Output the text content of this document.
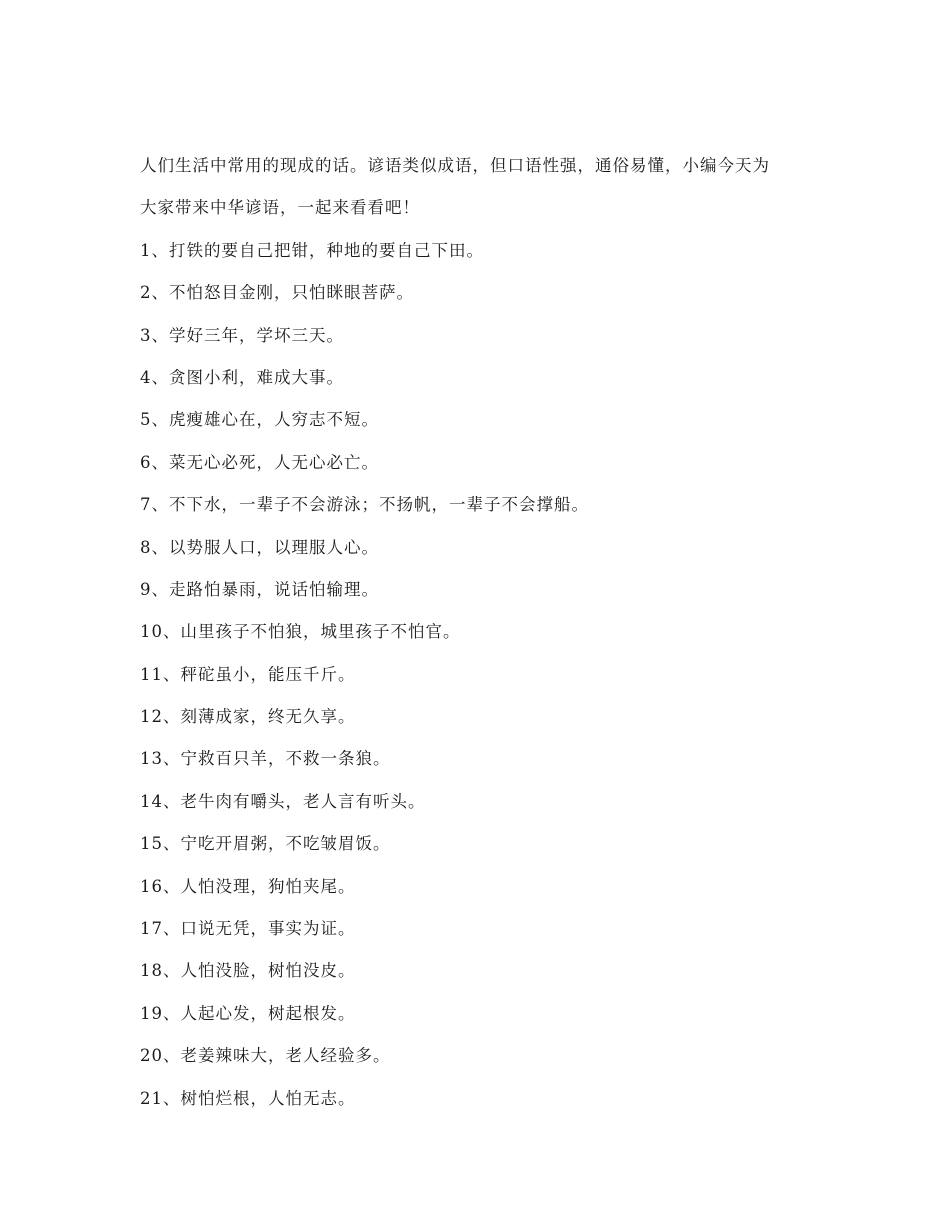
人们生活中常用的现成的话。谚语类似成语，但口语性强，通俗易懂，小编今天为
大家带来中华谚语，一起来看看吧！
1、打铁的要自己把钳，种地的要自己下田。
2、不怕怒目金刚，只怕眯眼菩萨。
3、学好三年，学坏三天。
4、贪图小利，难成大事。
5、虎瘦雄心在，人穷志不短。
6、菜无心必死，人无心必亡。
7、不下水，一辈子不会游泳；不扬帆，一辈子不会撑船。
8、以势服人口，以理服人心。
9、走路怕暴雨，说话怕输理。
10、山里孩子不怕狼，城里孩子不怕官。
11、秤砣虽小，能压千斤。
12、刻薄成家，终无久享。
13、宁救百只羊，不救一条狼。
14、老牛肉有嚼头，老人言有听头。
15、宁吃开眉粥，不吃皱眉饭。
16、人怕没理，狗怕夹尾。
17、口说无凭，事实为证。
18、人怕没脸，树怕没皮。
19、人起心发，树起根发。
20、老姜辣味大，老人经验多。
21、树怕烂根，人怕无志。
